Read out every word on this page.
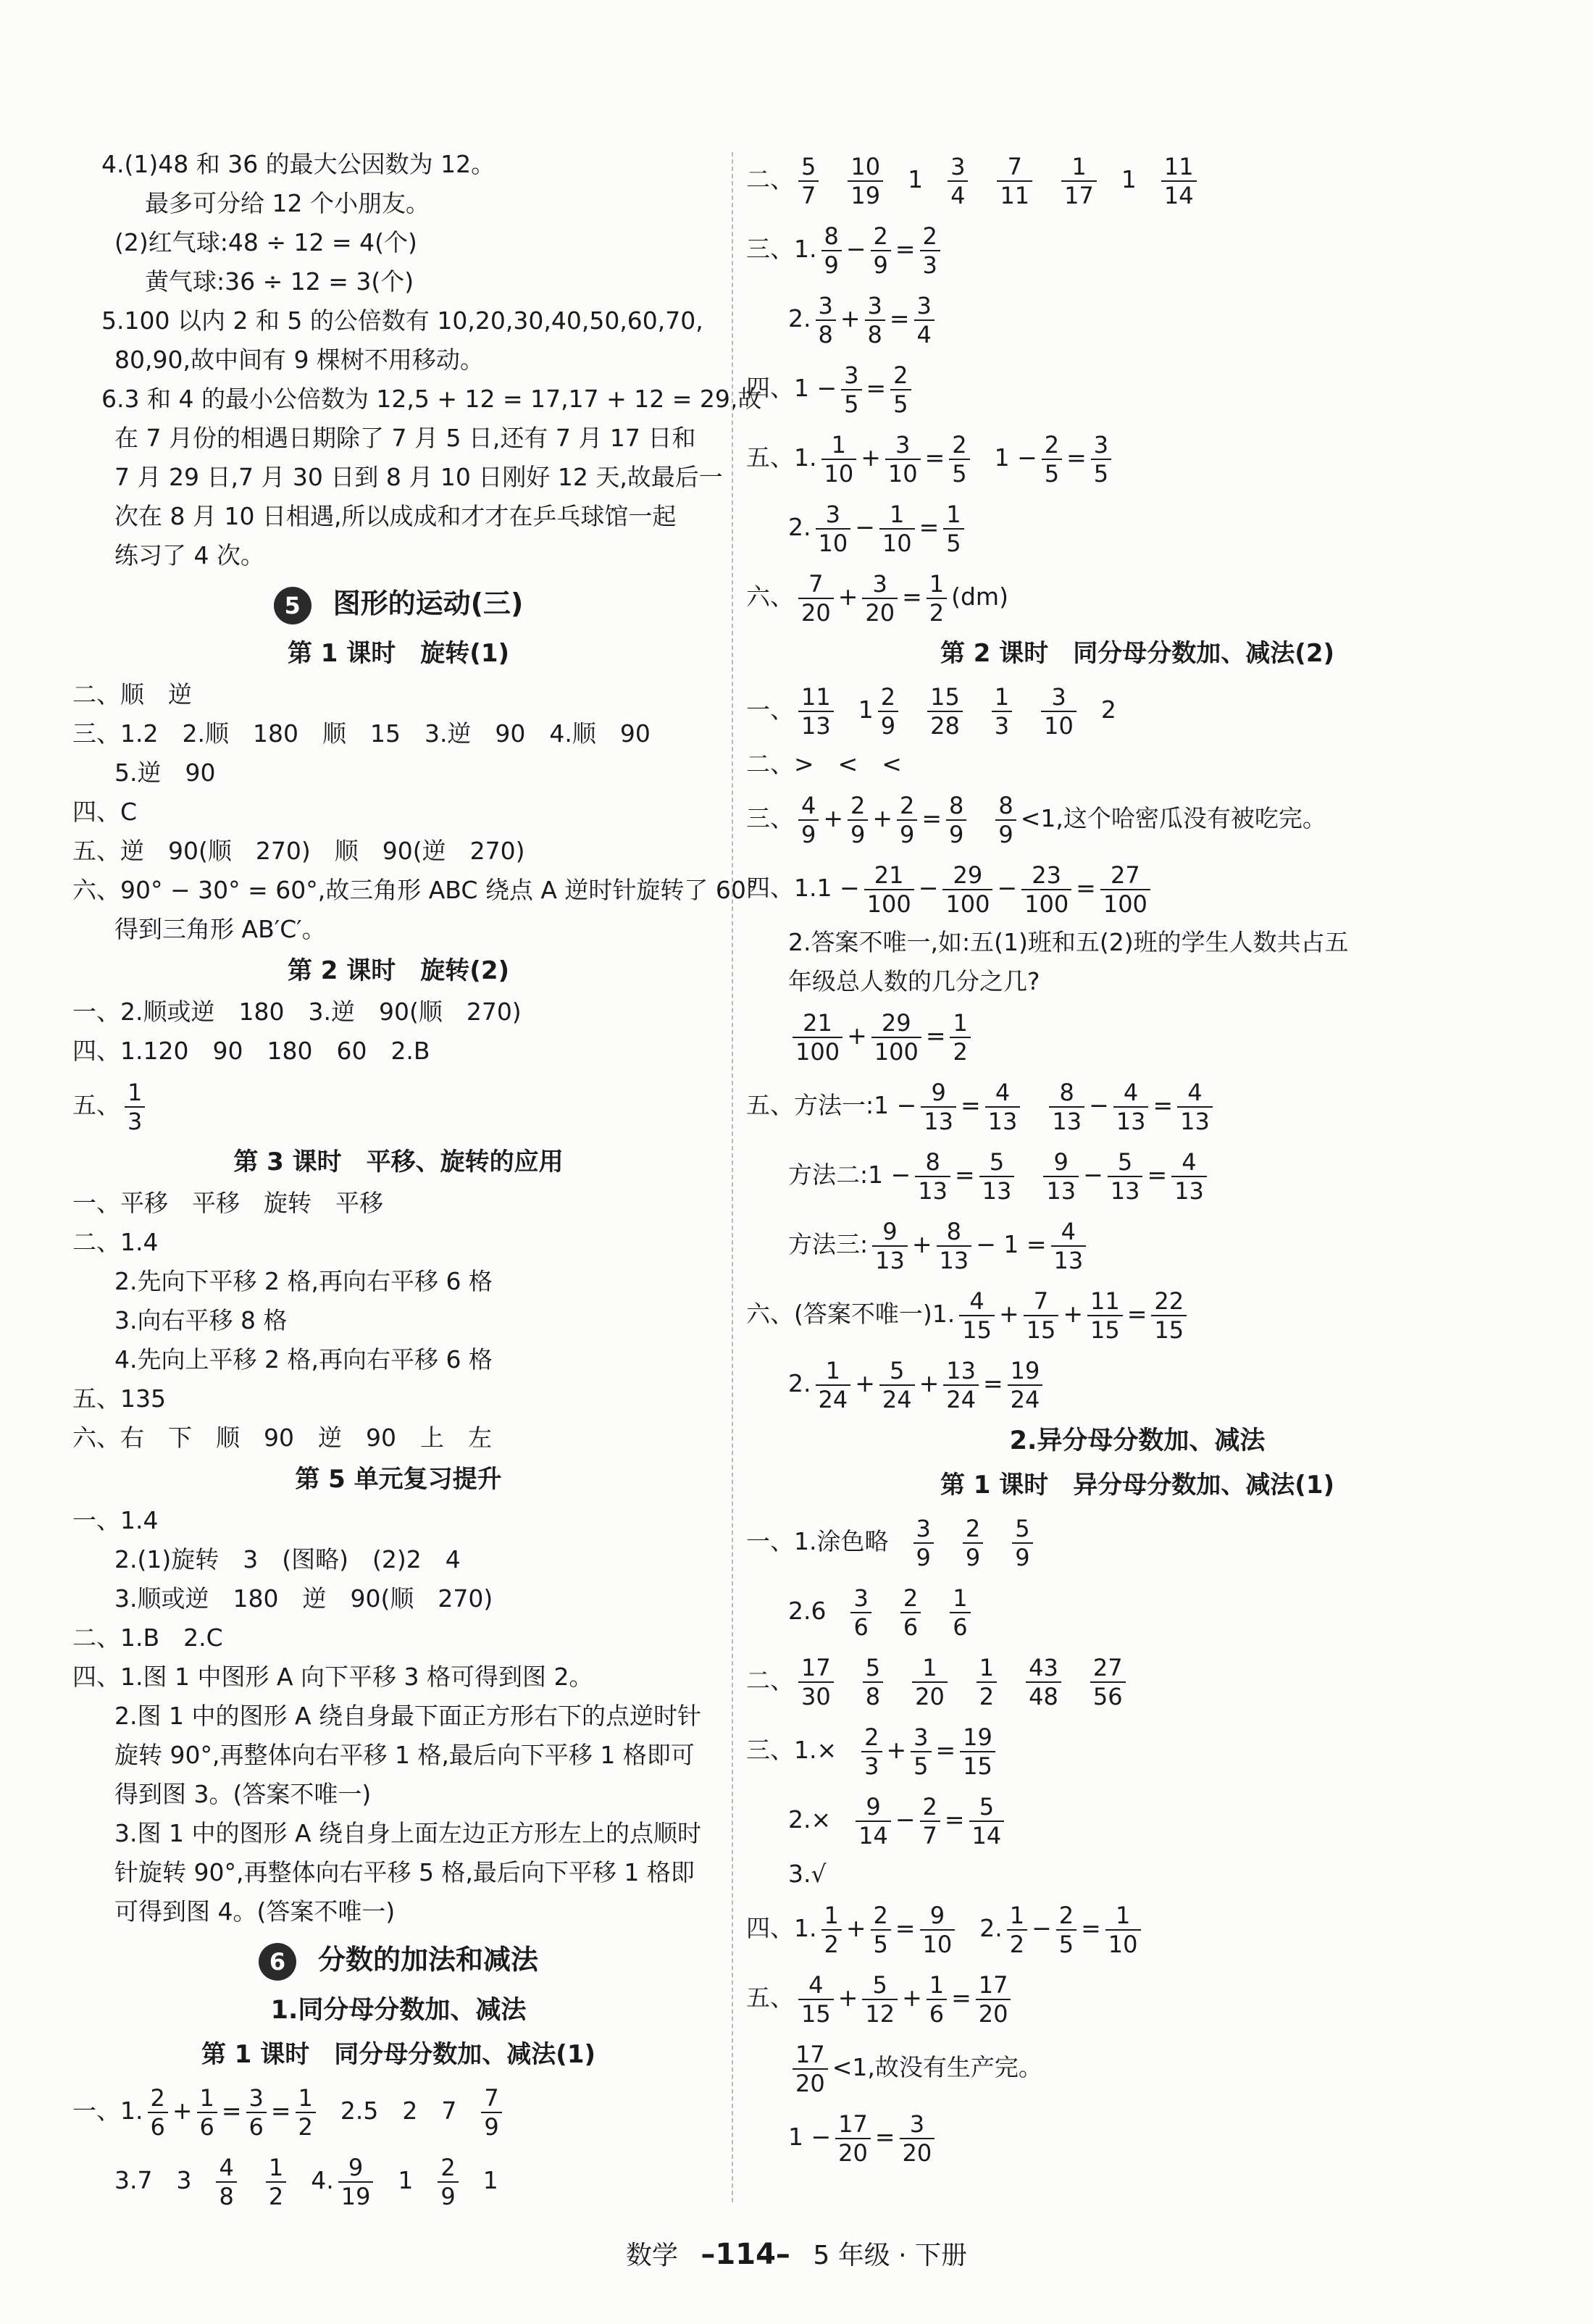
4.(1)48 和 36 的最大公因数为 12。
最多可分给 12 个小朋友。
(2)红气球:48 ÷ 12 = 4(个)
黄气球:36 ÷ 12 = 3(个)
5.100 以内 2 和 5 的公倍数有 10,20,30,40,50,60,70,
80,90,故中间有 9 棵树不用移动。
6.3 和 4 的最小公倍数为 12,5 + 12 = 17,17 + 12 = 29,故
在 7 月份的相遇日期除了 7 月 5 日,还有 7 月 17 日和
7 月 29 日,7 月 30 日到 8 月 10 日刚好 12 天,故最后一
次在 8 月 10 日相遇,所以成成和才才在乒乓球馆一起
练习了 4 次。
5 图形的运动(三)
第 1 课时　旋转(1)
二、顺　逆
三、1.2　2.顺　180　顺　15　3.逆　90　4.顺　90
5.逆　90
四、C
五、逆　90(顺　270)　顺　90(逆　270)
六、90° − 30° = 60°,故三角形 ABC 绕点 A 逆时针旋转了 60°
得到三角形 AB′C′。
第 2 课时　旋转(2)
一、2.顺或逆　180　3.逆　90(顺　270)
四、1.120　90　180　60　2.B
五、 $\frac{1}{3}$
第 3 课时　平移、旋转的应用
一、平移　平移　旋转　平移
二、1.4
2.先向下平移 2 格,再向右平移 6 格
3.向右平移 8 格
4.先向上平移 2 格,再向右平移 6 格
五、135
六、右　下　顺　90　逆　90　上　左
第 5 单元复习提升
一、1.4
2.(1)旋转　3　(图略)　(2)2　4
3.顺或逆　180　逆　90(顺　270)
二、1.B　2.C
四、1.图 1 中图形 A 向下平移 3 格可得到图 2。
2.图 1 中的图形 A 绕自身最下面正方形右下的点逆时针
旋转 90°,再整体向右平移 1 格,最后向下平移 1 格即可
得到图 3。(答案不唯一)
3.图 1 中的图形 A 绕自身上面左边正方形左上的点顺时
针旋转 90°,再整体向右平移 5 格,最后向下平移 1 格即
可得到图 4。(答案不唯一)
6 分数的加法和减法
1.同分母分数加、减法
第 1 课时　同分母分数加、减法(1)
一、1. $\frac{2}{6} + \frac{1}{6} = \frac{3}{6} = \frac{1}{2} 2.5$　2　$7 \frac{7}{9}$
3.7　$3 \frac{4}{8} \frac{1}{2} 4$. $\frac{9}{19} 1 \frac{2}{9} 1$
二、 $\frac{5}{7} \frac{10}{19} 1 \frac{3}{4} \frac{7}{11} \frac{1}{17} 1 \frac{11}{14}$
三、1. $\frac{8}{9} - \frac{2}{9} = \frac{2}{3}$
2. $\frac{3}{8} + \frac{3}{8} = \frac{3}{4}$
四、$1 - \frac{3}{5} = \frac{2}{5}$
五、1. $\frac{1}{10} + \frac{3}{10} = \frac{2}{5} 1 - \frac{2}{5} = \frac{3}{5}$
2. $\frac{3}{10} - \frac{1}{10} = \frac{1}{5}$
六、 $\frac{7}{20} + \frac{3}{20} = \frac{1}{2} (dm)$
第 2 课时　同分母分数加、减法(2)
一、 $\frac{11}{13} 1 \frac{2}{9} \frac{15}{28} \frac{1}{3} \frac{3}{10} 2$
二、>　<　<
三、 $\frac{4}{9} + \frac{2}{9} + \frac{2}{9} = \frac{8}{9} \frac{8}{9} <1$,这个哈密瓜没有被吃完。
四、$1.1 - \frac{21}{100} - \frac{29}{100} - \frac{23}{100} = \frac{27}{100}$
2.答案不唯一,如:五(1)班和五(2)班的学生人数共占五
年级总人数的几分之几?
$\frac{21}{100} + \frac{29}{100} = \frac{1}{2}$
五、方法一:1 − $\frac{9}{13} = \frac{4}{13} \frac{8}{13} - \frac{4}{13} = \frac{4}{13}$
方法二:1 − $\frac{8}{13} = \frac{5}{13} \frac{9}{13} - \frac{5}{13} = \frac{4}{13}$
方法三: $\frac{9}{13} + \frac{8}{13} - 1 = \frac{4}{13}$
六、(答案不唯一)1. $\frac{4}{15} + \frac{7}{15} + \frac{11}{15} = \frac{22}{15}$
2. $\frac{1}{24} + \frac{5}{24} + \frac{13}{24} = \frac{19}{24}$
2.异分母分数加、减法
第 1 课时　异分母分数加、减法(1)
一、1.涂色略 $\frac{3}{9} \frac{2}{9} \frac{5}{9}$
$2.6 \frac{3}{6} \frac{2}{6} \frac{1}{6}$
二、 $\frac{17}{30} \frac{5}{8} \frac{1}{20} \frac{1}{2} \frac{43}{48} \frac{27}{56}$
三、$1.\times \frac{2}{3} + \frac{3}{5} = \frac{19}{15}$
$2.\times \frac{9}{14} - \frac{2}{7} = \frac{5}{14}$
3.√
四、1. $\frac{1}{2} + \frac{2}{5} = \frac{9}{10} 2$. $\frac{1}{2} - \frac{2}{5} = \frac{1}{10}$
五、 $\frac{4}{15} + \frac{5}{12} + \frac{1}{6} = \frac{17}{20}$
$\frac{17}{20} <1$,故没有生产完。
$1 - \frac{17}{20} = \frac{3}{20}$
数学 –114– 5 年级 · 下册
